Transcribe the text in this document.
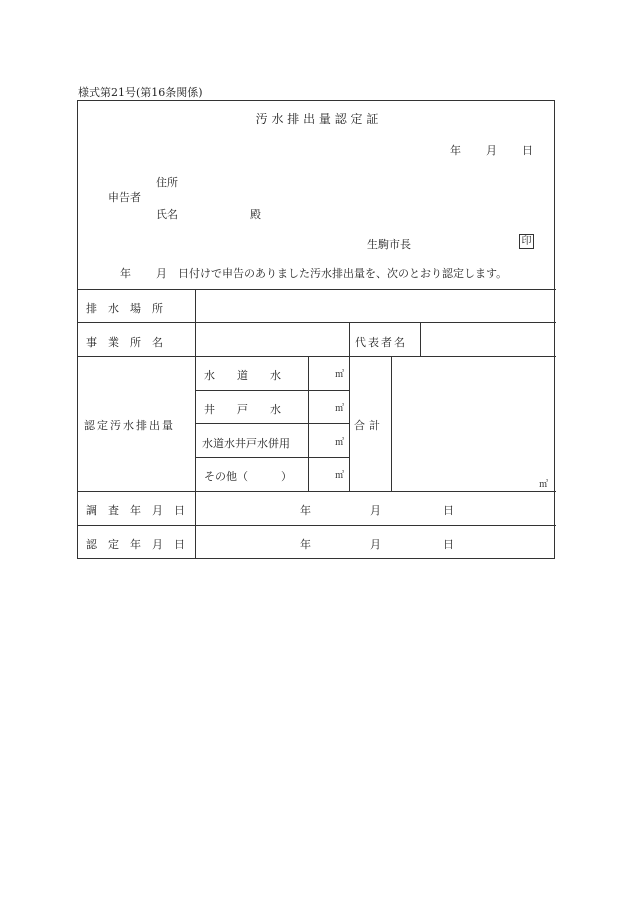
様式第21号(第16条関係)
汚 水 排 出 量 認 定 証
年 月 日
申告者
住所
氏名	殿
生駒市長	印
年 月 日付けで申告のありました汚水排出量を、次のとおり認定します。
排　水　場　所
事　業　所　名	代表者名
認定汚水排出量
水　　道　　水	㎥
井　　戸　　水	㎥
水道水井戸水併用	㎥
その他（　　　）	㎥
合計
㎥
調　査　年　月　日	年	月	日
認　定　年　月　日	年	月	日
